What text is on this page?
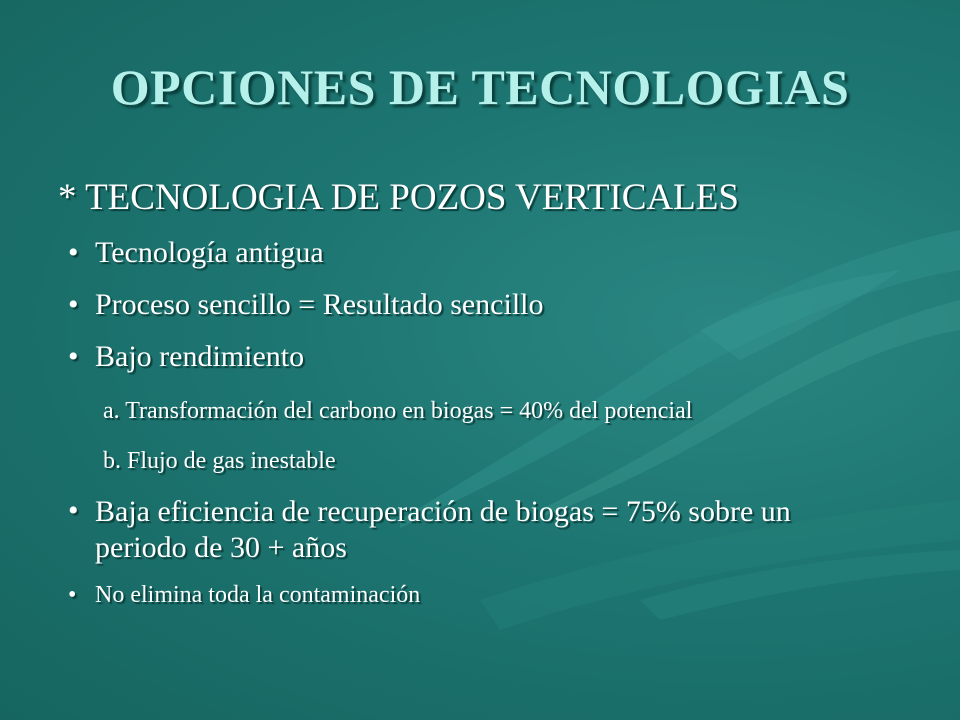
OPCIONES DE TECNOLOGIAS
* TECNOLOGIA DE POZOS VERTICALES
• Tecnología antigua
• Proceso sencillo = Resultado sencillo
• Bajo rendimiento
a. Transformación del carbono en biogas = 40% del potencial
b. Flujo de gas inestable
• Baja eficiencia de recuperación de biogas = 75% sobre un
periodo de 30 + años
• No elimina toda la contaminación
